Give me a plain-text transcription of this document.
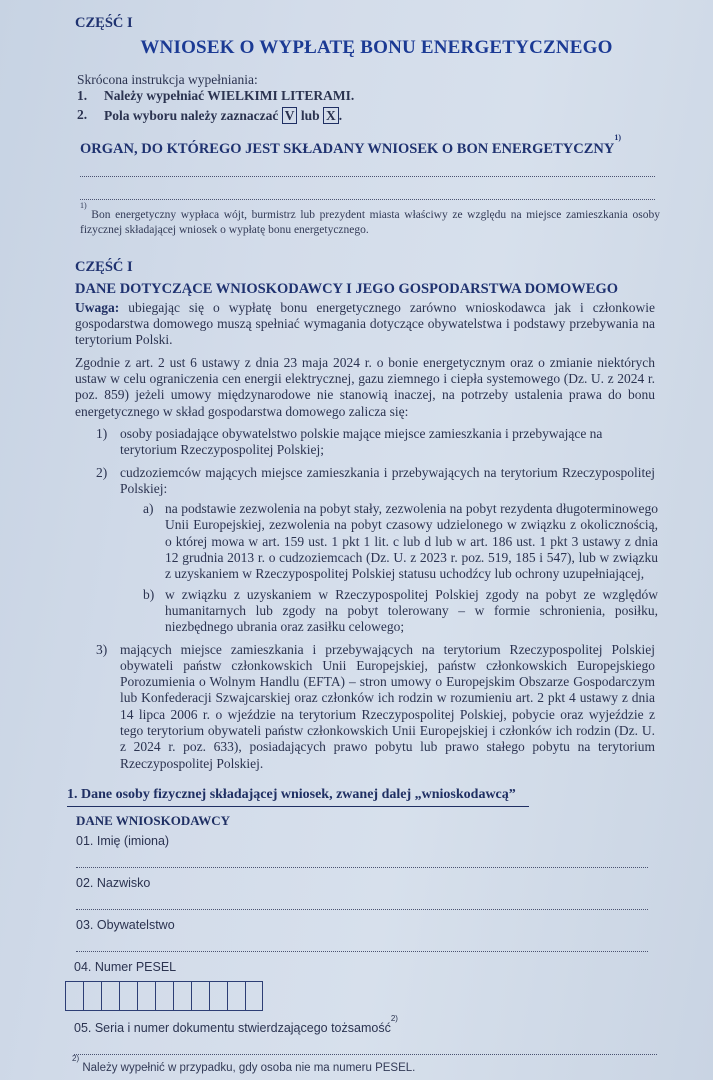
CZĘŚĆ I
WNIOSEK O WYPŁATĘ BONU ENERGETYCZNEGO
Skrócona instrukcja wypełniania:
1.	Należy wypełniać WIELKIMI LITERAMI.
2.	Pola wyboru należy zaznaczać V lub X .
ORGAN, DO KTÓREGO JEST SKŁADANY WNIOSEK O BON ENERGETYCZNY$^{1)}$
$^{1)}$ Bon energetyczny wypłaca wójt, burmistrz lub prezydent miasta właściwy ze względu na miejsce zamieszkania osoby fizycznej składającej wniosek o wypłatę bonu energetycznego.
CZĘŚĆ I
DANE DOTYCZĄCE WNIOSKODAWCY I JEGO GOSPODARSTWA DOMOWEGO
Uwaga: ubiegając się o wypłatę bonu energetycznego zarówno wnioskodawca jak i członkowie gospodarstwa domowego muszą spełniać wymagania dotyczące obywatelstwa i podstawy przebywania na terytorium Polski.
Zgodnie z art. 2 ust 6 ustawy z dnia 23 maja 2024 r. o bonie energetycznym oraz o zmianie niektórych ustaw w celu ograniczenia cen energii elektrycznej, gazu ziemnego i ciepła systemowego (Dz. U. z 2024 r. poz. 859) jeżeli umowy międzynarodowe nie stanowią inaczej, na potrzeby ustalenia prawa do bonu energetycznego w skład gospodarstwa domowego zalicza się:
1) osoby posiadające obywatelstwo polskie mające miejsce zamieszkania i przebywające na terytorium Rzeczypospolitej Polskiej;
2) cudzoziemców mających miejsce zamieszkania i przebywających na terytorium Rzeczypospolitej Polskiej:
a) na podstawie zezwolenia na pobyt stały, zezwolenia na pobyt rezydenta długoterminowego Unii Europejskiej, zezwolenia na pobyt czasowy udzielonego w związku z okolicznością, o której mowa w art. 159 ust. 1 pkt 1 lit. c lub d lub w art. 186 ust. 1 pkt 3 ustawy z dnia 12 grudnia 2013 r. o cudzoziemcach (Dz. U. z 2023 r. poz. 519, 185 i 547), lub w związku z uzyskaniem w Rzeczypospolitej Polskiej statusu uchodźcy lub ochrony uzupełniającej,
b) w związku z uzyskaniem w Rzeczypospolitej Polskiej zgody na pobyt ze względów humanitarnych lub zgody na pobyt tolerowany – w formie schronienia, posiłku, niezbędnego ubrania oraz zasiłku celowego;
3) mających miejsce zamieszkania i przebywających na terytorium Rzeczypospolitej Polskiej obywateli państw członkowskich Unii Europejskiej, państw członkowskich Europejskiego Porozumienia o Wolnym Handlu (EFTA) – stron umowy o Europejskim Obszarze Gospodarczym lub Konfederacji Szwajcarskiej oraz członków ich rodzin w rozumieniu art. 2 pkt 4 ustawy z dnia 14 lipca 2006 r. o wjeździe na terytorium Rzeczypospolitej Polskiej, pobycie oraz wyjeździe z tego terytorium obywateli państw członkowskich Unii Europejskiej i członków ich rodzin (Dz. U. z 2024 r. poz. 633), posiadających prawo pobytu lub prawo stałego pobytu na terytorium Rzeczypospolitej Polskiej.
1. Dane osoby fizycznej składającej wniosek, zwanej dalej „wnioskodawcą”
DANE WNIOSKODAWCY
01. Imię (imiona)
02. Nazwisko
03. Obywatelstwo
04. Numer PESEL
05. Seria i numer dokumentu stwierdzającego tożsamość$^{2)}$
$^{2)}$ Należy wypełnić w przypadku, gdy osoba nie ma numeru PESEL.
